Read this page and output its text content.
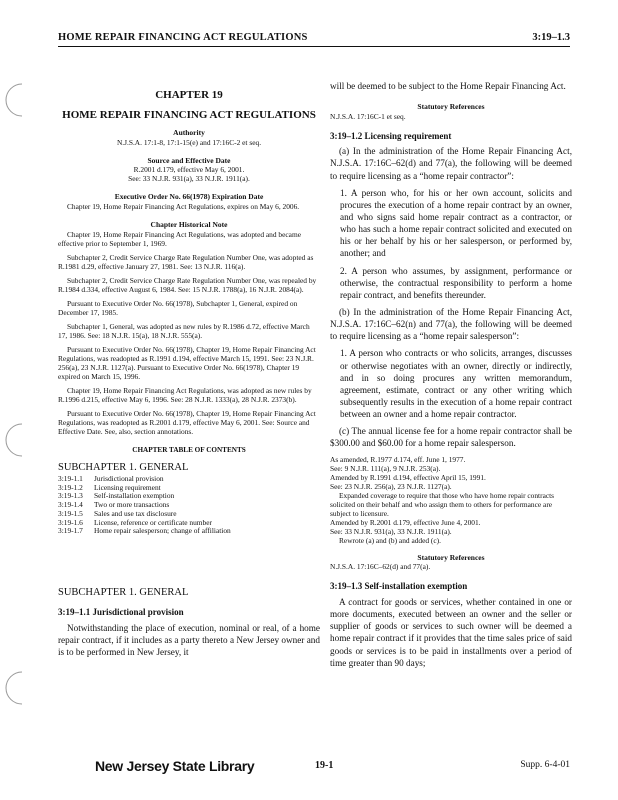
HOME REPAIR FINANCING ACT REGULATIONS	3:19–1.3
CHAPTER 19
HOME REPAIR FINANCING ACT REGULATIONS
Authority
N.J.S.A. 17:1-8, 17:1-15(e) and 17:16C-2 et seq.
Source and Effective Date
R.2001 d.179, effective May 6, 2001.
See: 33 N.J.R. 931(a), 33 N.J.R. 1911(a).
Executive Order No. 66(1978) Expiration Date

Chapter 19, Home Repair Financing Act Regulations, expires on May 6, 2006.

Chapter Historical Note

Chapter 19, Home Repair Financing Act Regulations, was adopted and became effective prior to September 1, 1969.

Subchapter 2, Credit Service Charge Rate Regulation Number One, was adopted as R.1981 d.29, effective January 27, 1981. See: 13 N.J.R. 116(a).

Subchapter 2, Credit Service Charge Rate Regulation Number One, was repealed by R.1984 d.334, effective August 6, 1984. See: 15 N.J.R. 1788(a), 16 N.J.R. 2084(a).

Pursuant to Executive Order No. 66(1978), Subchapter 1, General, expired on December 17, 1985.

Subchapter 1, General, was adopted as new rules by R.1986 d.72, effective March 17, 1986. See: 18 N.J.R. 15(a), 18 N.J.R. 555(a).

Pursuant to Executive Order No. 66(1978), Chapter 19, Home Repair Financing Act Regulations, was readopted as R.1991 d.194, effective March 15, 1991. See: 23 N.J.R. 256(a), 23 N.J.R. 1127(a). Pursuant to Executive Order No. 66(1978), Chapter 19 expired on March 15, 1996.

Chapter 19, Home Repair Financing Act Regulations, was adopted as new rules by R.1996 d.215, effective May 6, 1996. See: 28 N.J.R. 1333(a), 28 N.J.R. 2373(b).

Pursuant to Executive Order No. 66(1978), Chapter 19, Home Repair Financing Act Regulations, was readopted as R.2001 d.179, effective May 6, 2001. See: Source and Effective Date. See, also, section annotations.

CHAPTER TABLE OF CONTENTS
SUBCHAPTER 1. GENERAL
3:19-1.1	Jurisdictional provision
3:19-1.2	Licensing requirement
3:19-1.3	Self-installation exemption
3:19-1.4	Two or more transactions
3:19-1.5	Sales and use tax disclosure
3:19-1.6	License, reference or certificate number
3:19-1.7	Home repair salesperson; change of affiliation
SUBCHAPTER 1. GENERAL
3:19–1.1 Jurisdictional provision

Notwithstanding the place of execution, nominal or real, of a home repair contract, if it includes as a party thereto a New Jersey owner and is to be performed in New Jersey, it

will be deemed to be subject to the Home Repair Financing Act.

Statutory References

N.J.S.A. 17:16C-1 et seq.

3:19–1.2 Licensing requirement

(a) In the administration of the Home Repair Financing Act, N.J.S.A. 17:16C–62(d) and 77(a), the following will be deemed to require licensing as a “home repair contractor”:

1. A person who, for his or her own account, solicits and procures the execution of a home repair contract by an owner, and who signs said home repair contract as a contractor, or who has such a home repair contract solicited and executed on his or her behalf by his or her salesperson, or performed by, another; and

2. A person who assumes, by assignment, performance or otherwise, the contractual responsibility to perform a home repair contract, and benefits thereunder.

(b) In the administration of the Home Repair Financing Act, N.J.S.A. 17:16C–62(n) and 77(a), the following will be deemed to require licensing as a “home repair salesperson”:

1. A person who contracts or who solicits, arranges, discusses or otherwise negotiates with an owner, directly or indirectly, and in so doing procures any written memorandum, agreement, estimate, contract or any other writing which subsequently results in the execution of a home repair contract between an owner and a home repair contractor.

(c) The annual license fee for a home repair contractor shall be $300.00 and $60.00 for a home repair salesperson.

As amended, R.1977 d.174, eff. June 1, 1977.
See: 9 N.J.R. 111(a), 9 N.J.R. 253(a).
Amended by R.1991 d.194, effective April 15, 1991.
See: 23 N.J.R. 256(a), 23 N.J.R. 1127(a).
Expanded coverage to require that those who have home repair contracts solicited on their behalf and who assign them to others for performance are subject to licensure.
Amended by R.2001 d.179, effective June 4, 2001.
See: 33 N.J.R. 931(a), 33 N.J.R. 1911(a).
Rewrote (a) and (b) and added (c).
Statutory References

N.J.S.A. 17:16C–62(d) and 77(a).

3:19–1.3 Self-installation exemption

A contract for goods or services, whether contained in one or more documents, executed between an owner and the seller or supplier of goods or services to such owner will be deemed a home repair contract if it provides that the time sales price of said goods or services is to be paid in installments over a period of time greater than 90 days;

New Jersey State Library	19-1	Supp. 6-4-01
